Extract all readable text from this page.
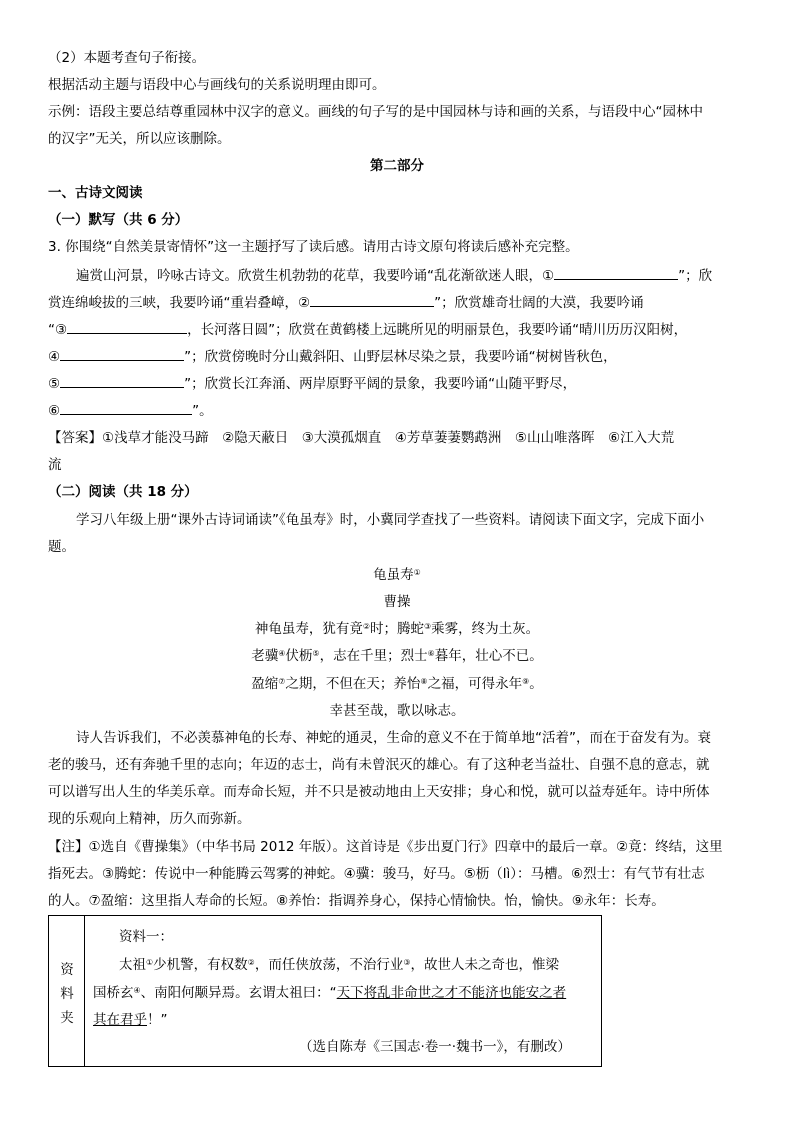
（2）本题考查句子衔接。
根据活动主题与语段中心与画线句的关系说明理由即可。
示例：语段主要总结尊重园林中汉字的意义。画线的句子写的是中国园林与诗和画的关系，与语段中心“园林中
的汉字”无关，所以应该删除。
第二部分
一、古诗文阅读
（一）默写（共 6 分）
3. 你围绕“自然美景寄情怀”这一主题抒写了读后感。请用古诗文原句将读后感补充完整。
遍赏山河景，吟咏古诗文。欣赏生机勃勃的花草，我要吟诵“乱花渐欲迷人眼，①	”；欣
赏连绵峻拔的三峡，我要吟诵“重岩叠嶂，②	”；欣赏雄奇壮阔的大漠，我要吟诵
“③	，长河落日圆”；欣赏在黄鹤楼上远眺所见的明丽景色，我要吟诵“晴川历历汉阳树，
④	”；欣赏傍晚时分山戴斜阳、山野层林尽染之景，我要吟诵“树树皆秋色，
⑤	”；欣赏长江奔涌、两岸原野平阔的景象，我要吟诵“山随平野尽，
⑥	”。
【答案】①浅草才能没马蹄　②隐天蔽日　③大漠孤烟直　④芳草萋萋鹦鹉洲　⑤山山唯落晖　⑥江入大荒
流
（二）阅读（共 18 分）
学习八年级上册“课外古诗词诵读”《龟虽寿》时，小冀同学查找了一些资料。请阅读下面文字，完成下面小
题。
龟虽寿①
曹操
神龟虽寿，犹有竟②时；腾蛇③乘雾，终为土灰。
老骥④伏枥⑤，志在千里；烈士⑥暮年，壮心不已。
盈缩⑦之期，不但在天；养怡⑧之福，可得永年⑨。
幸甚至哉，歌以咏志。
诗人告诉我们，不必羡慕神龟的长寿、神蛇的通灵，生命的意义不在于简单地“活着”，而在于奋发有为。衰
老的骏马，还有奔驰千里的志向；年迈的志士，尚有未曾泯灭的雄心。有了这种老当益壮、自强不息的意志，就
可以谱写出人生的华美乐章。而寿命长短，并不只是被动地由上天安排；身心和悦，就可以益寿延年。诗中所体
现的乐观向上精神，历久而弥新。
【注】①选自《曹操集》（中华书局 2012 年版）。这首诗是《步出夏门行》四章中的最后一章。②竟：终结，这里
指死去。③腾蛇：传说中一种能腾云驾雾的神蛇。④骥：骏马，好马。⑤枥（lì）：马槽。⑥烈士：有气节有壮志
的人。⑦盈缩：这里指人寿命的长短。⑧养怡：指调养身心，保持心情愉快。怡，愉快。⑨永年：长寿。
资
料
夹
资料一：
太祖①少机警，有权数②，而任侠放荡，不治行业③，故世人未之奇也，惟梁
国桥玄④、南阳何颙异焉。玄谓太祖曰：“天下将乱非命世之才不能济也能安之者
其在君乎！”
（选自陈寿《三国志·卷一·魏书一》，有删改）
